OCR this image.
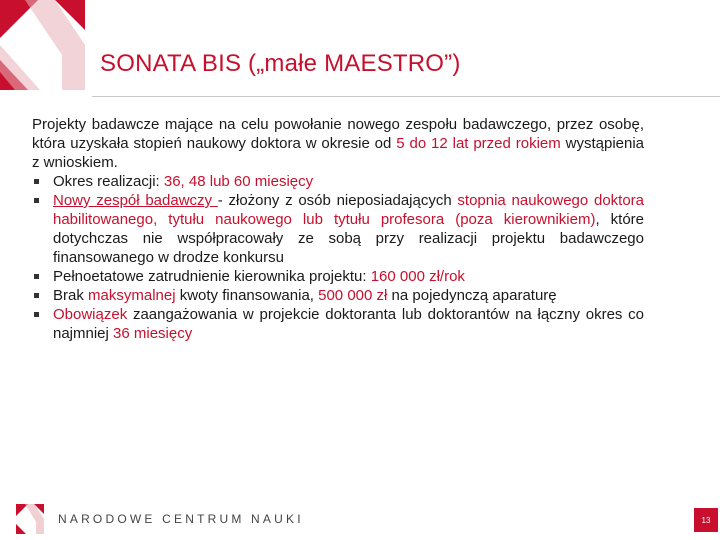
SONATA BIS („małe MAESTRO”)

Projekty badawcze mające na celu powołanie nowego zespołu badawczego, przez osobę, która uzyskała stopień naukowy doktora w okresie od 5 do 12 lat przed rokiem wystąpienia z wnioskiem.

Okres realizacji: 36, 48 lub 60 miesięcy

Nowy zespół badawczy - złożony z osób nieposiadających stopnia naukowego doktora habilitowanego, tytułu naukowego lub tytułu profesora (poza kierownikiem), które dotychczas nie współpracowały ze sobą przy realizacji projektu badawczego finansowanego w drodze konkursu

Pełnoetatowe zatrudnienie kierownika projektu: 160 000 zł/rok

Brak maksymalnej kwoty finansowania, 500 000 zł na pojedynczą aparaturę

Obowiązek zaangażowania w projekcie doktoranta lub doktorantów na łączny okres co najmniej 36 miesięcy

NARODOWE CENTRUM NAUKI	13
